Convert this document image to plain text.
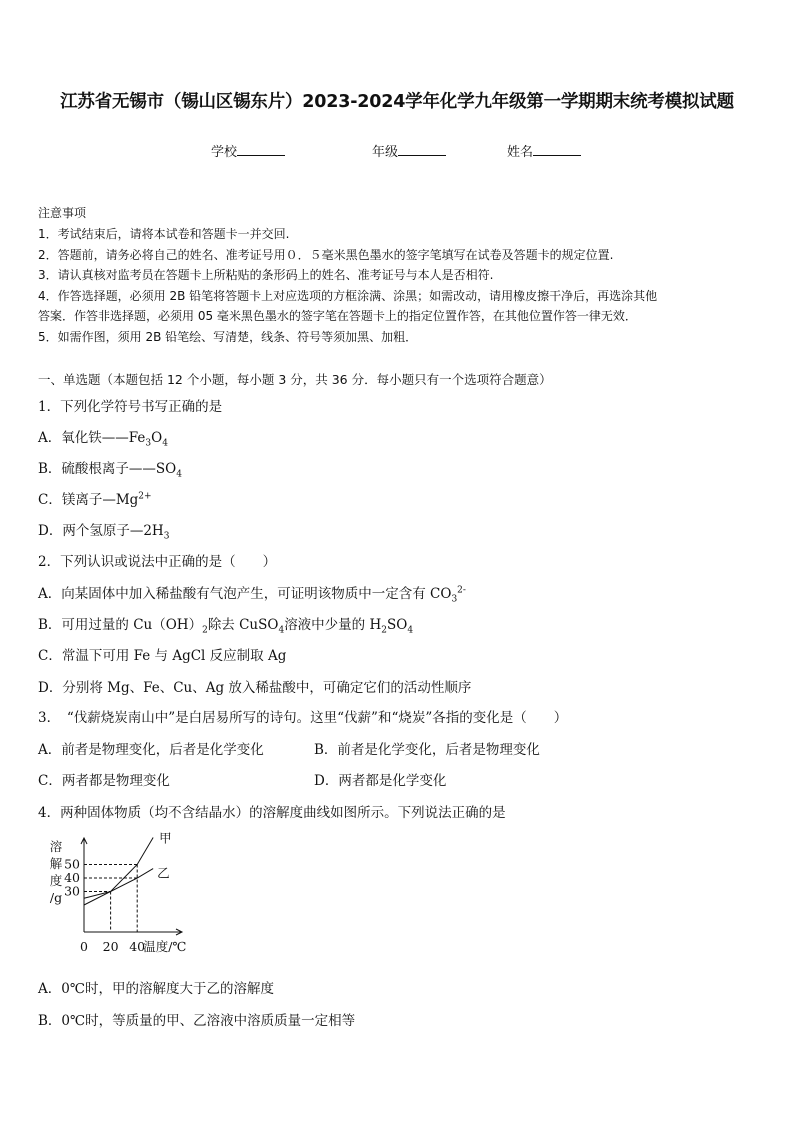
江苏省无锡市（锡山区锡东片）2023-2024学年化学九年级第一学期期末统考模拟试题
学校	年级	姓名
注意事项
1．考试结束后，请将本试卷和答题卡一并交回.
2．答题前，请务必将自己的姓名、准考证号用０．５毫米黑色墨水的签字笔填写在试卷及答题卡的规定位置.
3．请认真核对监考员在答题卡上所粘贴的条形码上的姓名、准考证号与本人是否相符.
4．作答选择题，必须用 2B 铅笔将答题卡上对应选项的方框涂满、涂黑；如需改动，请用橡皮擦干净后，再选涂其他
答案．作答非选择题，必须用 05 毫米黑色墨水的签字笔在答题卡上的指定位置作答，在其他位置作答一律无效．
5．如需作图，须用 2B 铅笔绘、写清楚，线条、符号等须加黑、加粗．
一、单选题（本题包括 12 个小题，每小题 3 分，共 36 分．每小题只有一个选项符合题意）
1．下列化学符号书写正确的是
A．氧化铁$——Fe_3O_4$
B．硫酸根离子$——SO_4$
C．镁离子$—Mg^{2+}$
D．两个氢原子$—2H_3$
2．下列认识或说法中正确的是（　　）
A．向某固体中加入稀盐酸有气泡产生，可证明该物质中一定含有 $CO_3^{2-}$
B．可用过量的 $Cu(OH)_2$除去 CuSO$_4$溶液中少量的 $H_2SO_4$
C．常温下可用 Fe 与 AgCl 反应制取 Ag
D．分别将 Mg、Fe、Cu、Ag 放入稀盐酸中，可确定它们的活动性顺序
3．　“伐薪烧炭南山中”是白居易所写的诗句。这里“伐薪”和“烧炭”各指的变化是（　　）
A．前者是物理变化，后者是化学变化	B．前者是化学变化，后者是物理变化
C．两者都是物理变化	D．两者都是化学变化
4．两种固体物质（均不含结晶水）的溶解度曲线如图所示。下列说法正确的是
甲
乙
50
40
30
0 20 40
温度/℃
溶
解
度
/g
A．0℃时，甲的溶解度大于乙的溶解度
B．0℃时，等质量的甲、乙溶液中溶质质量一定相等
